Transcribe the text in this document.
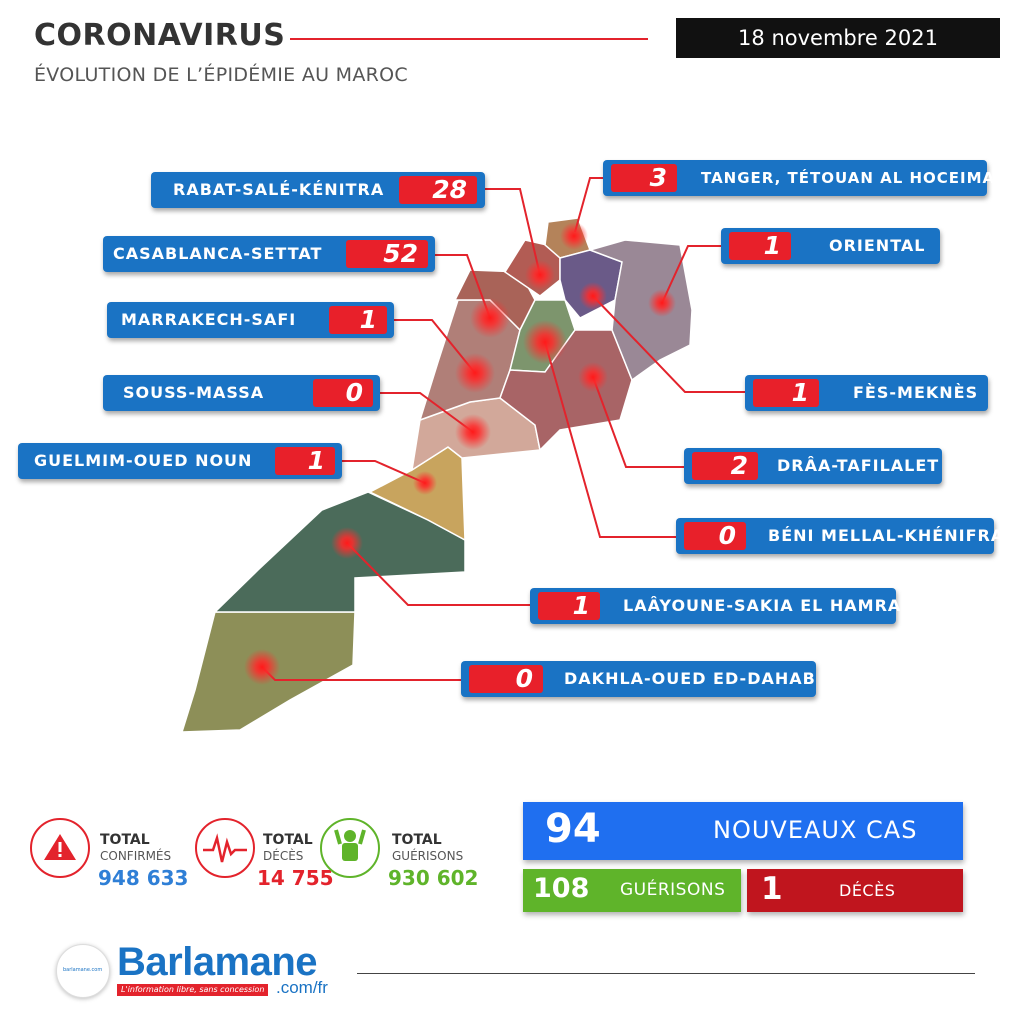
CORONAVIRUS
ÉVOLUTION DE L’ÉPIDÉMIE AU MAROC
18 novembre 2021
RABAT-SALÉ-KÉNITRA	28
CASABLANCA-SETTAT	52
MARRAKECH-SAFI	1
SOUSS-MASSA	0
GUELMIM-OUED NOUN	1
3	TANGER, TÉTOUAN AL HOCEIMA
1	ORIENTAL
1	FÈS-MEKNÈS
2	DRÂA-TAFILALET
0	BÉNI MELLAL-KHÉNIFRA
1	LAÂYOUNE-SAKIA EL HAMRA
0	DAKHLA-OUED ED-DAHAB
TOTAL
CONFIRMÉS
948 633
TOTAL
DÉCÈS
14 755
TOTAL
GUÉRISONS
930 602
94	NOUVEAUX CAS
108 GUÉRISONS 1	DÉCÈS
barlamane.com Barlamane
L'information libre, sans concession .com/fr
